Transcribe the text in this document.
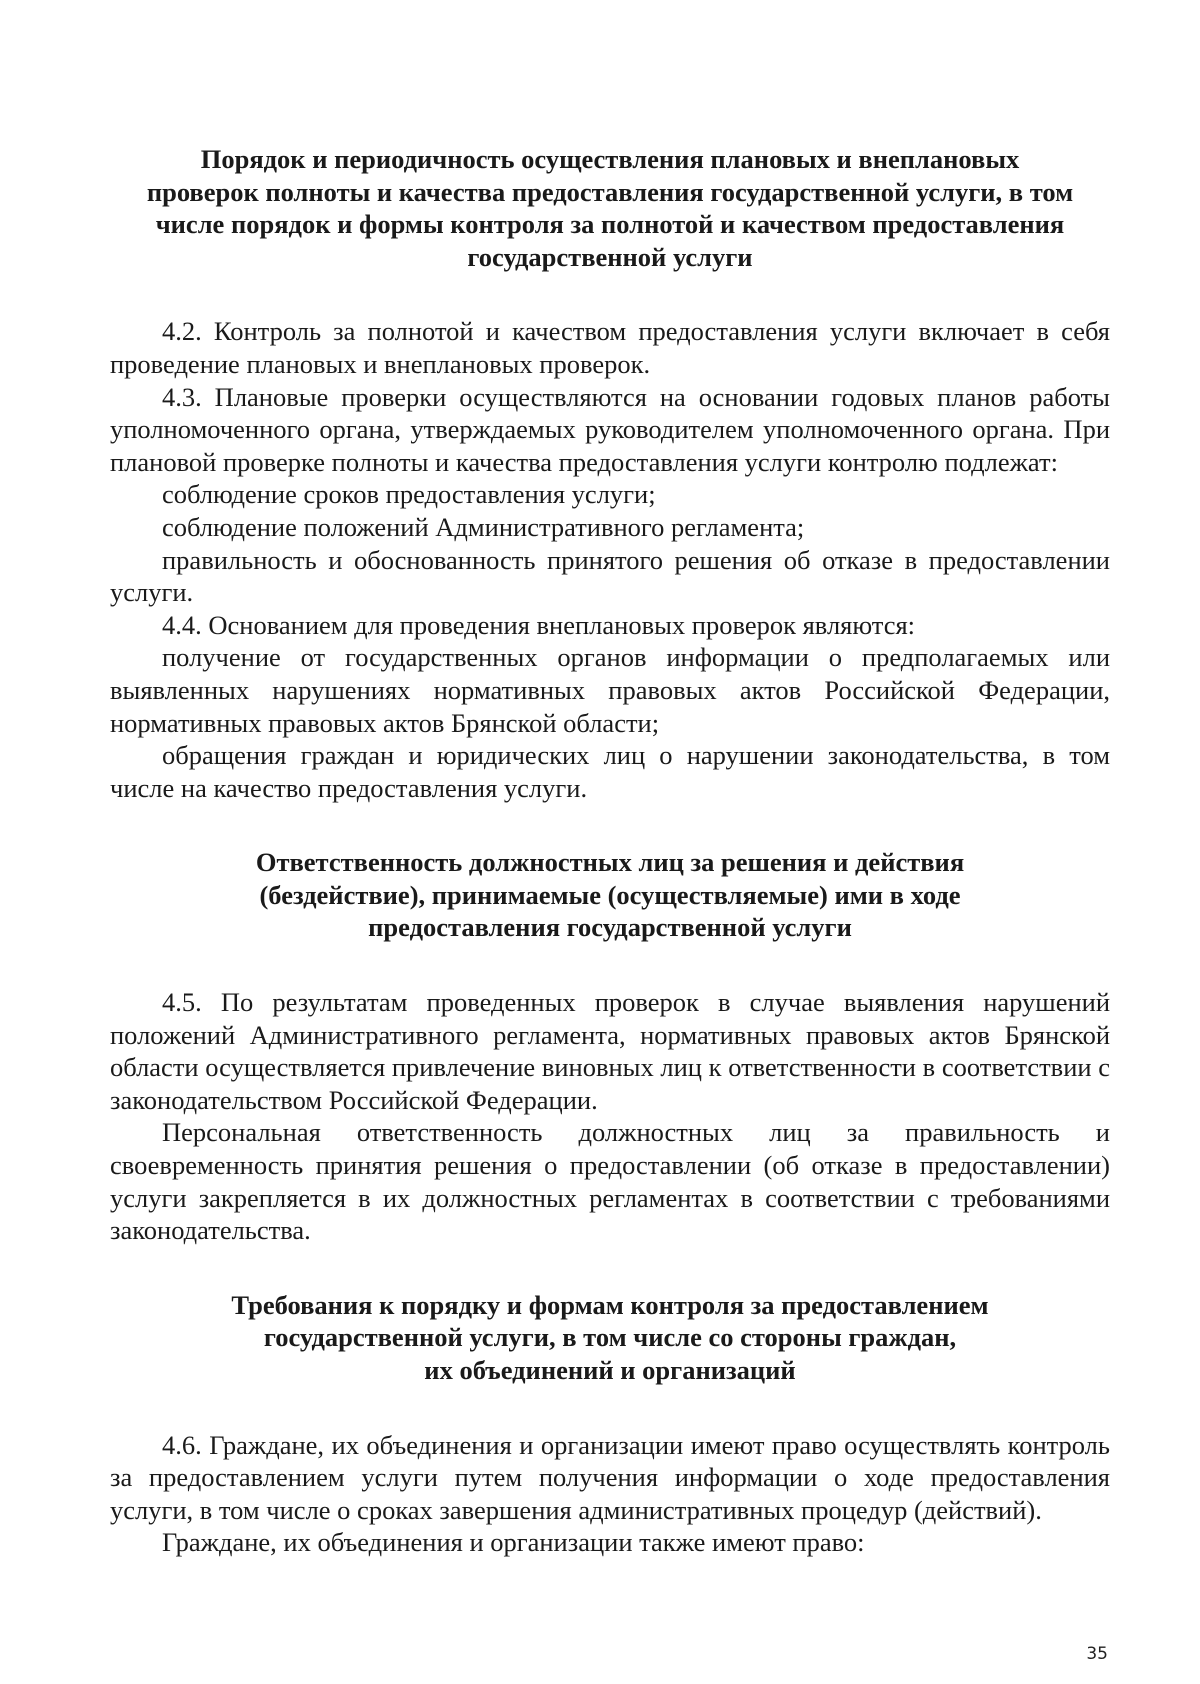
Порядок и периодичность осуществления плановых и внеплановых
проверок полноты и качества предоставления государственной услуги, в том
числе порядок и формы контроля за полнотой и качеством предоставления
государственной услуги

4.2. Контроль за полнотой и качеством предоставления услуги включает в себя проведение плановых и внеплановых проверок.

4.3. Плановые проверки осуществляются на основании годовых планов работы уполномоченного органа, утверждаемых руководителем уполномоченного органа. При плановой проверке полноты и качества предоставления услуги контролю подлежат:

соблюдение сроков предоставления услуги;

соблюдение положений Административного регламента;

правильность и обоснованность принятого решения об отказе в предоставлении услуги.

4.4. Основанием для проведения внеплановых проверок являются:

получение от государственных органов информации о предполагаемых или выявленных нарушениях нормативных правовых актов Российской Федерации, нормативных правовых актов Брянской области;

обращения граждан и юридических лиц о нарушении законодательства, в том числе на качество предоставления услуги.

Ответственность должностных лиц за решения и действия
(бездействие), принимаемые (осуществляемые) ими в ходе
предоставления государственной услуги

4.5. По результатам проведенных проверок в случае выявления нарушений положений Административного регламента, нормативных правовых актов Брянской области осуществляется привлечение виновных лиц к ответственности в соответствии с законодательством Российской Федерации.

Персональная ответственность должностных лиц за правильность и своевременность принятия решения о предоставлении (об отказе в предоставлении) услуги закрепляется в их должностных регламентах в соответствии с требованиями законодательства.

Требования к порядку и формам контроля за предоставлением
государственной услуги, в том числе со стороны граждан,
их объединений и организаций

4.6. Граждане, их объединения и организации имеют право осуществлять контроль за предоставлением услуги путем получения информации о ходе предоставления услуги, в том числе о сроках завершения административных процедур (действий).

Граждане, их объединения и организации также имеют право:

35
